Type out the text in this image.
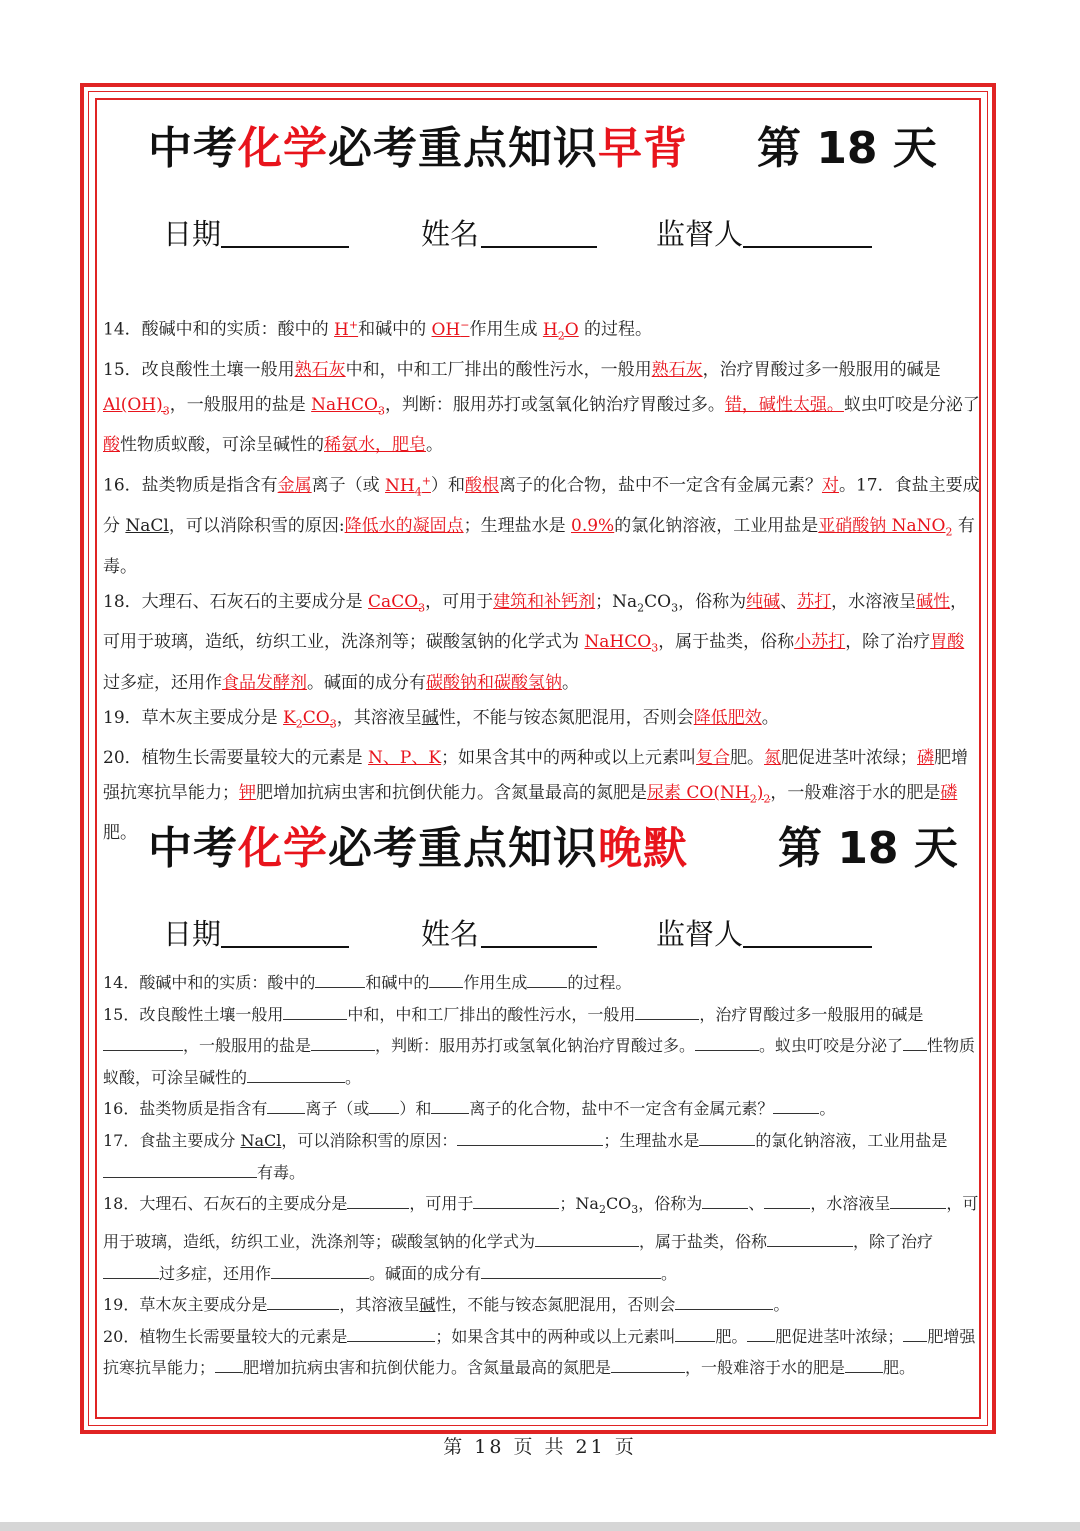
中考化学必考重点知识早背 第 18 天
日期	姓名	监督人

14．酸碱中和的实质：酸中的 H+和碱中的 OH−作用生成 $H_2O$ 的过程。

15．改良酸性土壤一般用熟石灰中和，中和工厂排出的酸性污水，一般用熟石灰，治疗胃酸过多一般服用的碱是 $Al(OH)_3$，一般服用的盐是 NaHCO$_3$，判断：服用苏打或氢氧化钠治疗胃酸过多。错，碱性太强。蚁虫叮咬是分泌了酸性物质蚁酸，可涂呈碱性的稀氨水，肥皂。

16．盐类物质是指含有金属离子（或 $NH_4^+$）和酸根离子的化合物，盐中不一定含有金属元素？对。17．食盐主要成分 NaCl，可以消除积雪的原因:降低水的凝固点；生理盐水是 0.9%的氯化钠溶液，工业用盐是亚硝酸钠 NaNO$_2$ 有毒。

18．大理石、石灰石的主要成分是 CaCO$_3$，可用于建筑和补钙剂；$Na_2CO_3$，俗称为纯碱、苏打，水溶液呈碱性，可用于玻璃，造纸，纺织工业，洗涤剂等；碳酸氢钠的化学式为 NaHCO$_3$，属于盐类，俗称小苏打，除了治疗胃酸过多症，还用作食品发酵剂。碱面的成分有碳酸钠和碳酸氢钠。

19．草木灰主要成分是 $K_2CO_3$，其溶液呈碱性，不能与铵态氮肥混用，否则会降低肥效。

20．植物生长需要量较大的元素是 N、P、K；如果含其中的两种或以上元素叫复合肥。氮肥促进茎叶浓绿；磷肥增强抗寒抗旱能力；钾肥增加抗病虫害和抗倒伏能力。含氮量最高的氮肥是尿素 $CO(NH_2)_2$，一般难溶于水的肥是磷肥。 中考化学必考重点知识晚默 第 18 天
日期	姓名	监督人

14．酸碱中和的实质：酸中的	和碱中的 作用生成	的过程。

15．改良酸性土壤一般用	中和，中和工厂排出的酸性污水，一般用	，治疗胃酸过多一般服用的碱是，一般服用的盐是	，判断：服用苏打或氢氧化钠治疗胃酸过多。	。蚁虫叮咬是分泌了 性物质蚁酸，可涂呈碱性的	。

16．盐类物质是指含有 离子（或 ）和 离子的化合物，盐中不一定含有金属元素？	。

17．食盐主要成分 NaCl，可以消除积雪的原因：	；生理盐水是	的氯化钠溶液，工业用盐是有毒。

18．大理石、石灰石的主要成分是	，可用于	；$Na_2CO_3$，俗称为	、	，水溶液呈	，可用于玻璃，造纸，纺织工业，洗涤剂等；碳酸氢钠的化学式为	，属于盐类，俗称	，除了治疗过多症，还用作	。碱面的成分有	。

19．草木灰主要成分是	，其溶液呈碱性，不能与铵态氮肥混用，否则会	。

20．植物生长需要量较大的元素是	；如果含其中的两种或以上元素叫	肥。 肥促进茎叶浓绿； 肥增强抗寒抗旱能力； 肥增加抗病虫害和抗倒伏能力。含氮量最高的氮肥是	，一般难溶于水的肥是 肥。

第 18 页 共 21 页
